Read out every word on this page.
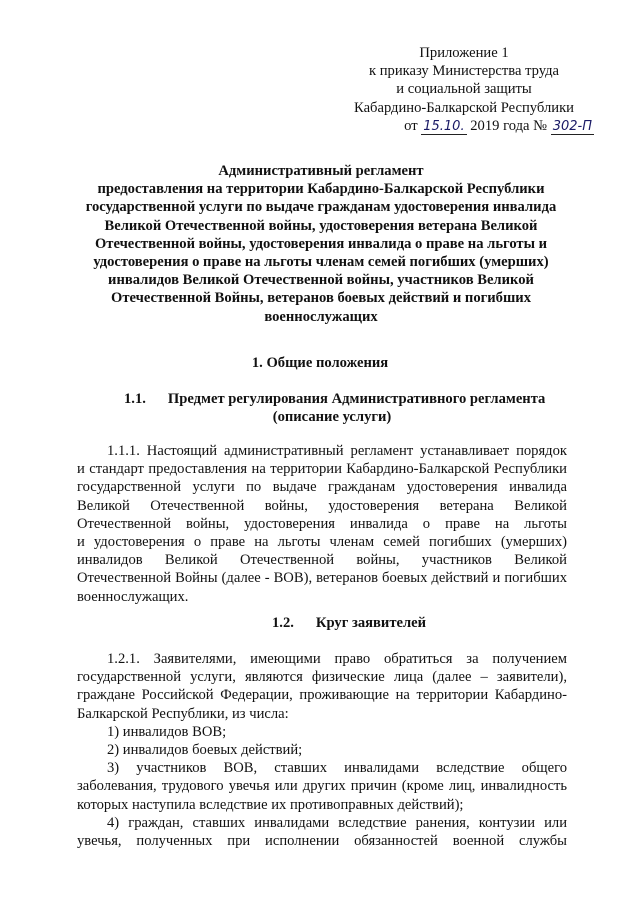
Приложение 1
к приказу Министерства труда
и социальной защиты
Кабардино-Балкарской Республики
от 15.10. 2019 года № 302-П
Административный регламент
предоставления на территории Кабардино-Балкарской Республики
государственной услуги по выдаче гражданам удостоверения инвалида
Великой Отечественной войны, удостоверения ветерана Великой
Отечественной войны, удостоверения инвалида о праве на льготы и
удостоверения о праве на льготы членам семей погибших (умерших)
инвалидов Великой Отечественной войны, участников Великой
Отечественной Войны, ветеранов боевых действий и погибших
военнослужащих
1. Общие положения
1.1. Предмет регулирования Административного регламента
(описание услуги)
1.1.1. Настоящий административный регламент устанавливает порядок
и стандарт предоставления на территории Кабардино-Балкарской Республики
государственной услуги по выдаче гражданам удостоверения инвалида
Великой Отечественной войны, удостоверения ветерана Великой
Отечественной войны, удостоверения инвалида о праве на льготы
и удостоверения о праве на льготы членам семей погибших (умерших)
инвалидов Великой Отечественной войны, участников Великой
Отечественной Войны (далее - ВОВ), ветеранов боевых действий и погибших
военнослужащих.
1.2. Круг заявителей
1.2.1. Заявителями, имеющими право обратиться за получением
государственной услуги, являются физические лица (далее – заявители),
граждане Российской Федерации, проживающие на территории Кабардино-
Балкарской Республики, из числа:
1) инвалидов ВОВ;
2) инвалидов боевых действий;
3) участников ВОВ, ставших инвалидами вследствие общего
заболевания, трудового увечья или других причин (кроме лиц, инвалидность
которых наступила вследствие их противоправных действий);
4) граждан, ставших инвалидами вследствие ранения, контузии или
увечья, полученных при исполнении обязанностей военной службы
